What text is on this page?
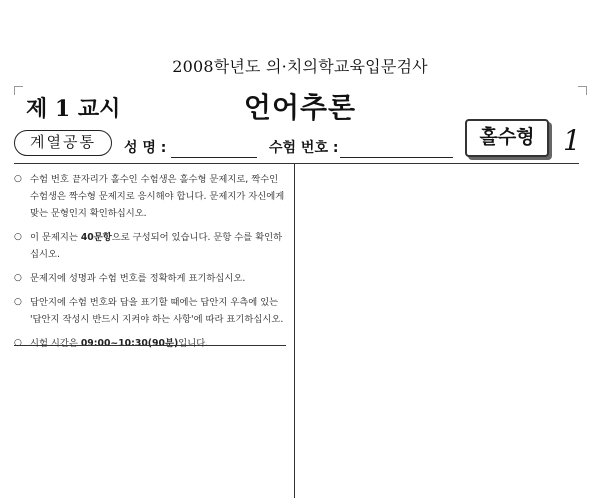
2008학년도 의·치의학교육입문검사
제 1 교시	언어추론
계열공통	성 명 :	수험 번호 :	홀수형	1
○ 수험 번호 끝자리가 홀수인 수험생은 홀수형 문제지로, 짝수인 수험생은 짝수형 문제지로 응시해야 합니다. 문제지가 자신에게 맞는 문형인지 확인하십시오.
○ 이 문제지는 40문항으로 구성되어 있습니다. 문항 수를 확인하십시오.
○ 문제지에 성명과 수험 번호를 정확하게 표기하십시오.
○ 답안지에 수험 번호와 답을 표기할 때에는 답안지 우측에 있는 '답안지 작성시 반드시 지켜야 하는 사항'에 따라 표기하십시오.
○ 시험 시간은 09:00~10:30(90분)입니다.
